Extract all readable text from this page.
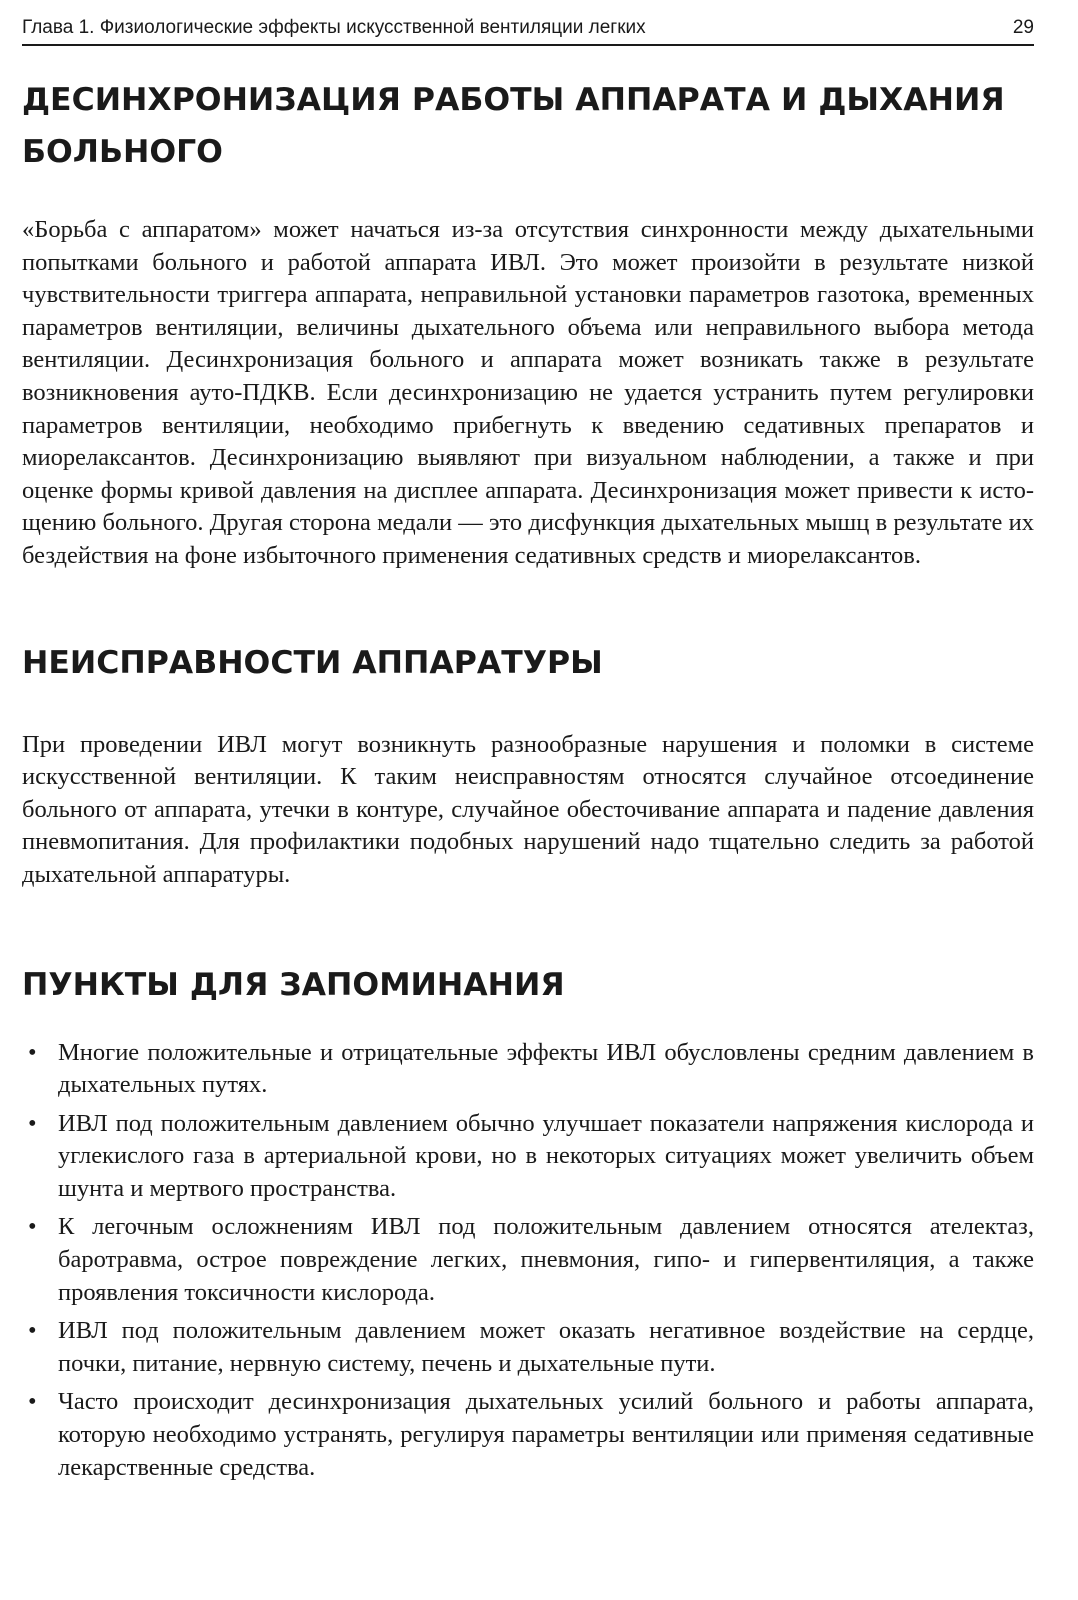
Глава 1. Физиологические эффекты искусственной вентиляции легких	29
ДЕСИНХРОНИЗАЦИЯ РАБОТЫ АППАРАТА И ДЫХАНИЯ БОЛЬНОГО

«Борьба с аппаратом» может начаться из-за отсутствия синхронности между дыхательными попытками больного и работой аппарата ИВЛ. Это может произойти в результате низкой чувствительности триггера аппарата, неправильной установки параметров газотока, временных параметров вентиляции, величины дыхательного объема или неправильного выбора метода вентиляции. Десинхронизация больного и аппарата может возникать также в результате возникновения ауто-ПДКВ. Если десинхронизацию не удается устранить путем регулировки параметров вентиляции, необходимо прибегнуть к введению седативных препаратов и миорелаксантов. Десинхронизацию выявляют при визуальном наблюдении, а также и при оценке формы кривой давления на дисплее аппарата. Десинхронизация может привести к истощению больного. Другая сторона медали — это дисфункция дыхательных мышц в результате их бездействия на фоне избыточного применения седативных средств и миорелаксантов.

НЕИСПРАВНОСТИ АППАРАТУРЫ

При проведении ИВЛ могут возникнуть разнообразные нарушения и поломки в системе искусственной вентиляции. К таким неисправностям относятся случайное отсоединение больного от аппарата, утечки в контуре, случайное обесточивание аппарата и падение давления пневмопитания. Для профилактики подобных нарушений надо тщательно следить за работой дыхательной аппаратуры.

ПУНКТЫ ДЛЯ ЗАПОМИНАНИЯ
• Многие положительные и отрицательные эффекты ИВЛ обусловлены средним давлением в дыхательных путях.
• ИВЛ под положительным давлением обычно улучшает показатели напряжения кислорода и углекислого газа в артериальной крови, но в некоторых ситуациях может увеличить объем шунта и мертвого пространства.
• К легочным осложнениям ИВЛ под положительным давлением относятся ателектаз, баротравма, острое повреждение легких, пневмония, гипо- и гипервентиляция, а также проявления токсичности кислорода.
• ИВЛ под положительным давлением может оказать негативное воздействие на сердце, почки, питание, нервную систему, печень и дыхательные пути.
• Часто происходит десинхронизация дыхательных усилий больного и работы аппарата, которую необходимо устранять, регулируя параметры вентиляции или применяя седативные лекарственные средства.
